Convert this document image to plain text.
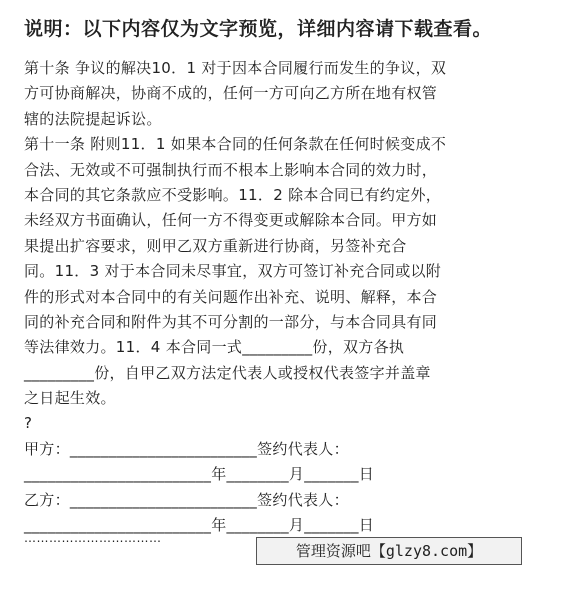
说明：以下内容仅为文字预览，详细内容请下载查看。
第十条 争议的解决10．1 对于因本合同履行而发生的争议，双
方可协商解决，协商不成的，任何一方可向乙方所在地有权管
辖的法院提起诉讼。
第十一条 附则11．1 如果本合同的任何条款在任何时候变成不
合法、无效或不可强制执行而不根本上影响本合同的效力时，
本合同的其它条款应不受影响。11．2 除本合同已有约定外，
未经双方书面确认，任何一方不得变更或解除本合同。甲方如
果提出扩容要求，则甲乙双方重新进行协商，另签补充合
同。11．3 对于本合同未尽事宜，双方可签订补充合同或以附
件的形式对本合同中的有关问题作出补充、说明、解释，本合
同的补充合同和附件为其不可分割的一部分，与本合同具有同
等法律效力。11．4 本合同一式_________份，双方各执
_________份，自甲乙双方法定代表人或授权代表签字并盖章
之日起生效。
?
甲方：________________________签约代表人：
________________________年________月_______日
乙方：________________________签约代表人：
________________________年________月_______日
……………………………
管理资源吧【glzy8.com】
